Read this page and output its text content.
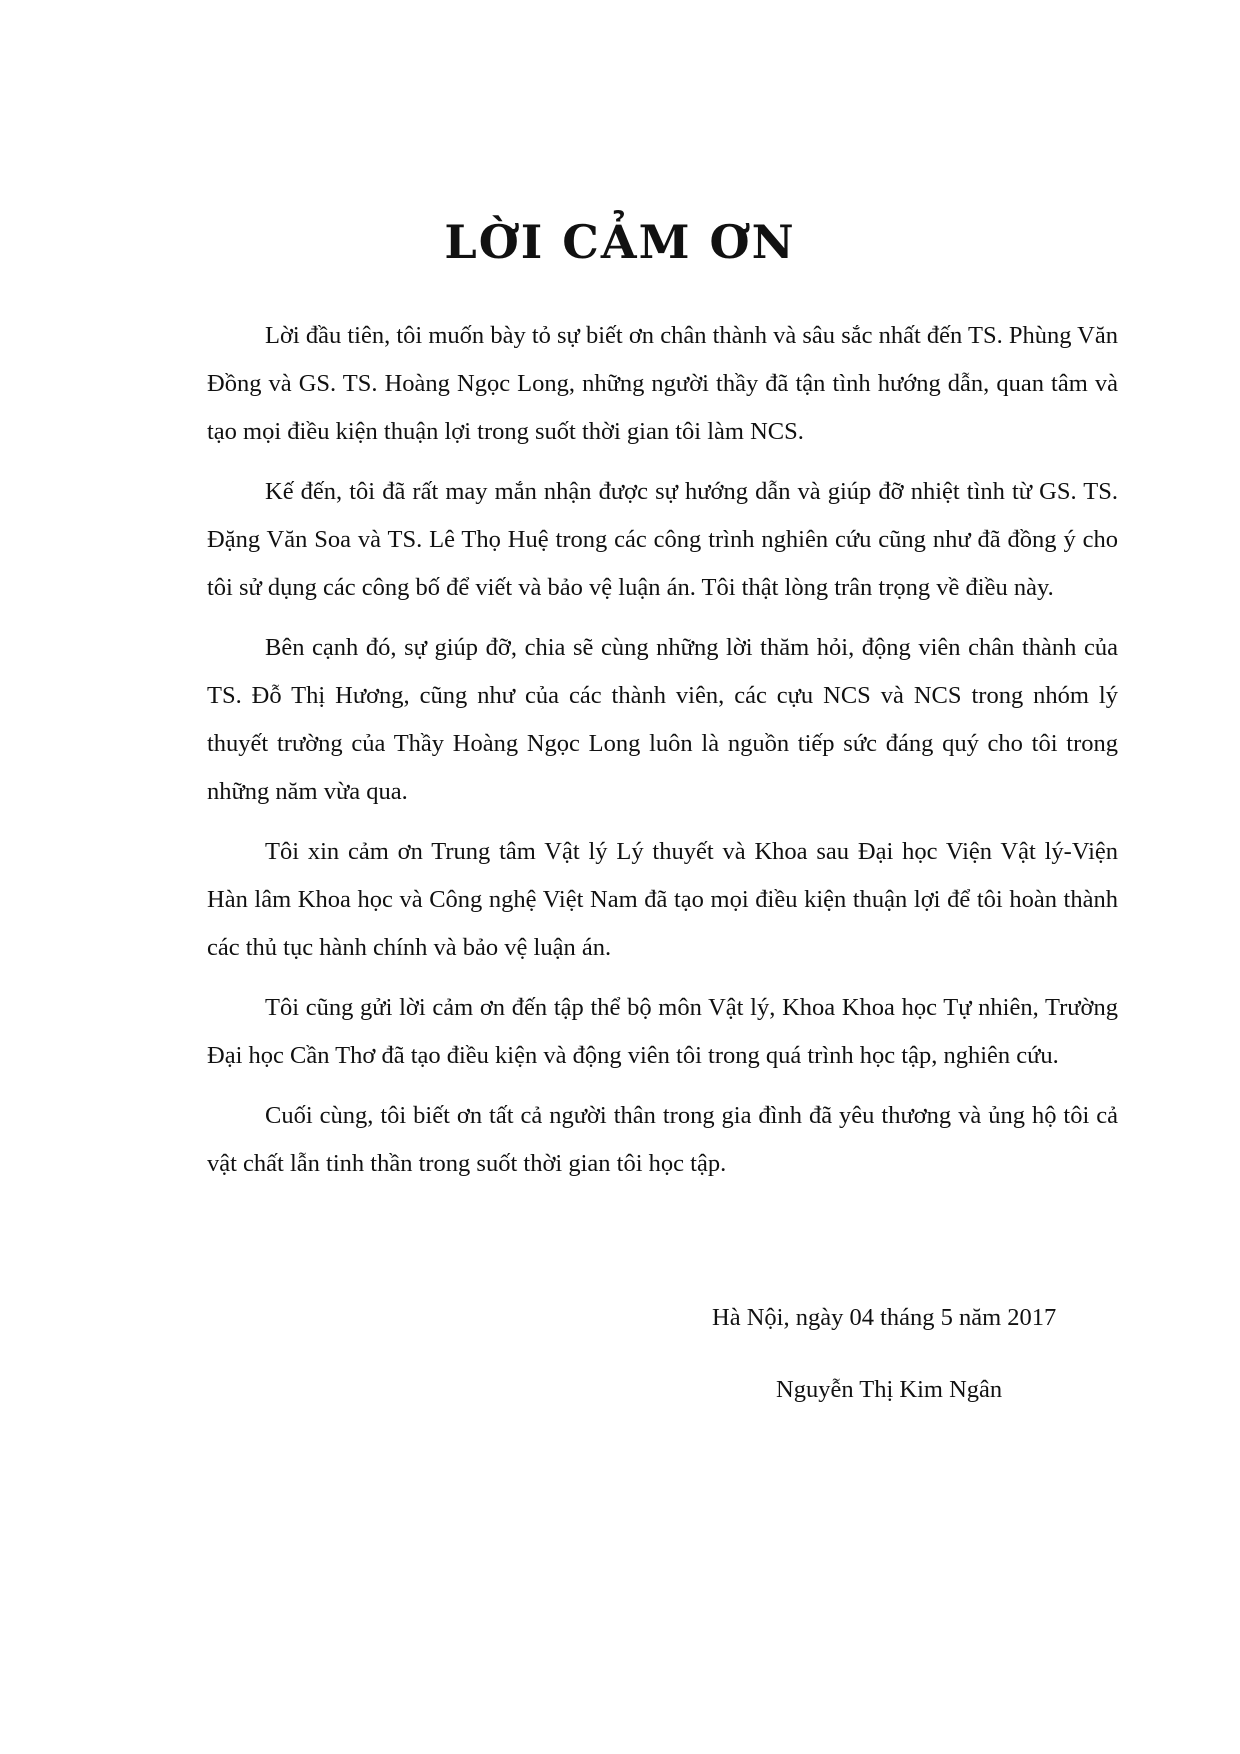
LỜI CẢM ƠN

Lời đầu tiên, tôi muốn bày tỏ sự biết ơn chân thành và sâu sắc nhất đến TS. Phùng Văn Đồng và GS. TS. Hoàng Ngọc Long, những người thầy đã tận tình hướng dẫn, quan tâm và tạo mọi điều kiện thuận lợi trong suốt thời gian tôi làm NCS.

Kế đến, tôi đã rất may mắn nhận được sự hướng dẫn và giúp đỡ nhiệt tình từ GS. TS. Đặng Văn Soa và TS. Lê Thọ Huệ trong các công trình nghiên cứu cũng như đã đồng ý cho tôi sử dụng các công bố để viết và bảo vệ luận án. Tôi thật lòng trân trọng về điều này.

Bên cạnh đó, sự giúp đỡ, chia sẽ cùng những lời thăm hỏi, động viên chân thành của TS. Đỗ Thị Hương, cũng như của các thành viên, các cựu NCS và NCS trong nhóm lý thuyết trường của Thầy Hoàng Ngọc Long luôn là nguồn tiếp sức đáng quý cho tôi trong những năm vừa qua.

Tôi xin cảm ơn Trung tâm Vật lý Lý thuyết và Khoa sau Đại học Viện Vật lý-Viện Hàn lâm Khoa học và Công nghệ Việt Nam đã tạo mọi điều kiện thuận lợi để tôi hoàn thành các thủ tục hành chính và bảo vệ luận án.

Tôi cũng gửi lời cảm ơn đến tập thể bộ môn Vật lý, Khoa Khoa học Tự nhiên, Trường Đại học Cần Thơ đã tạo điều kiện và động viên tôi trong quá trình học tập, nghiên cứu.

Cuối cùng, tôi biết ơn tất cả người thân trong gia đình đã yêu thương và ủng hộ tôi cả vật chất lẫn tinh thần trong suốt thời gian tôi học tập.

Hà Nội, ngày 04 tháng 5 năm 2017
Nguyễn Thị Kim Ngân
